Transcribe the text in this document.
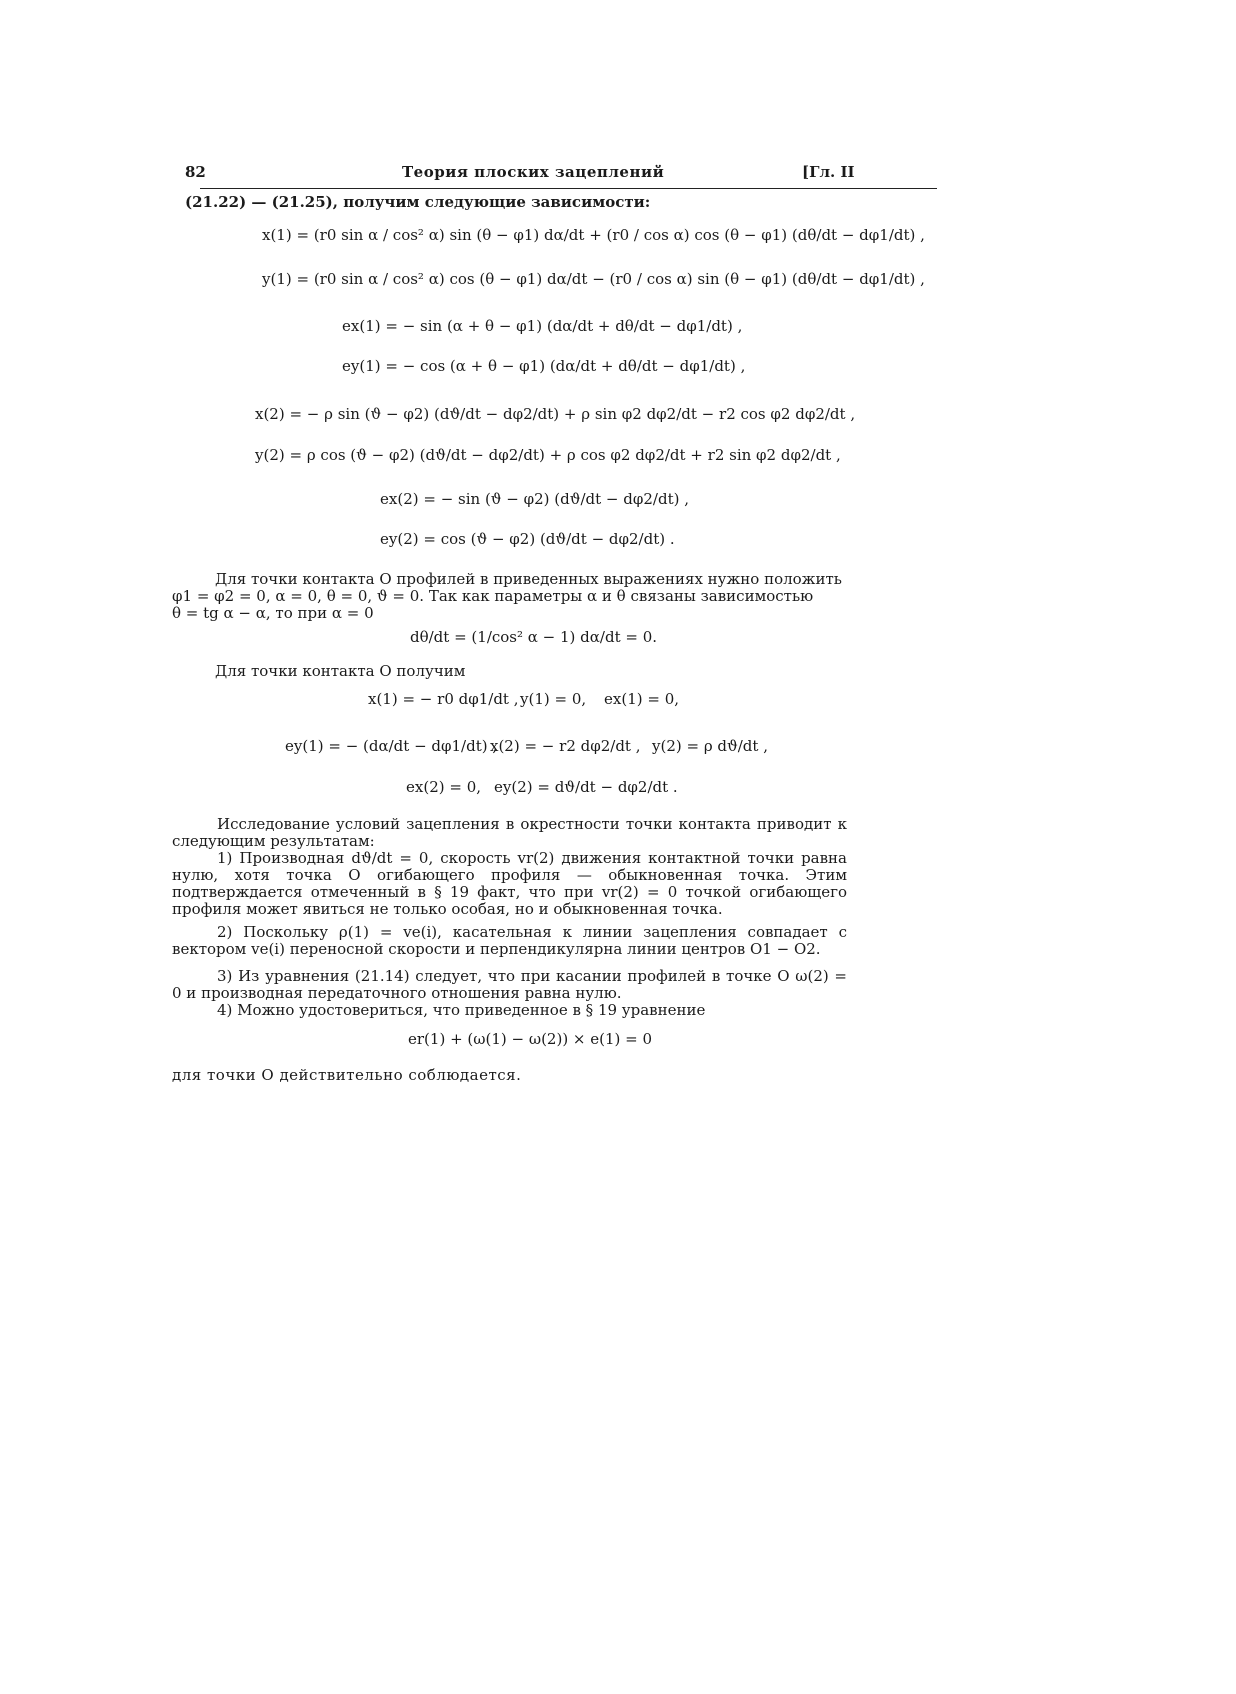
82	Теория плоских зацеплений	[Гл. II
(21.22) — (21.25), получим следующие зависимости:
x(1) = (r0 sin α / cos² α) sin (θ − φ1) dα/dt + (r0 / cos α) cos (θ − φ1) (dθ/dt − dφ1/dt) ,
y(1) = (r0 sin α / cos² α) cos (θ − φ1) dα/dt − (r0 / cos α) sin (θ − φ1) (dθ/dt − dφ1/dt) ,
ex(1) = − sin (α + θ − φ1) (dα/dt + dθ/dt − dφ1/dt) ,
ey(1) = − cos (α + θ − φ1) (dα/dt + dθ/dt − dφ1/dt) ,
x(2) = − ρ sin (ϑ − φ2) (dϑ/dt − dφ2/dt) + ρ sin φ2 dφ2/dt − r2 cos φ2 dφ2/dt ,
y(2) = ρ cos (ϑ − φ2) (dϑ/dt − dφ2/dt) + ρ cos φ2 dφ2/dt + r2 sin φ2 dφ2/dt ,
ex(2) = − sin (ϑ − φ2) (dϑ/dt − dφ2/dt) ,
ey(2) = cos (ϑ − φ2) (dϑ/dt − dφ2/dt) .
Для точки контакта O профилей в приведенных выражениях нужно положить
φ1 = φ2 = 0, α = 0, θ = 0, ϑ = 0. Так как параметры α и θ связаны зависимостью
θ = tg α − α, то при α = 0
dθ/dt = (1/cos² α − 1) dα/dt = 0.
Для точки контакта O получим
x(1) = − r0 dφ1/dt , y(1) = 0, ex(1) = 0,
ey(1) = − (dα/dt − dφ1/dt) ,
x(2) = − r2 dφ2/dt , y(2) = ρ dϑ/dt ,
ex(2) = 0, ey(2) = dϑ/dt − dφ2/dt .
Исследование условий зацепления в окрестности точки контакта приводит к следующим результатам:
1) Производная dϑ/dt = 0, скорость vr(2) движения контактной точки равна нулю, хотя точка O огибающего профиля — обыкновенная точка. Этим подтверждается отмеченный в § 19 факт, что при vr(2) = 0 точкой огибающего профиля может явиться не только особая, но и обыкновенная точка.
2) Поскольку ρ(1) = ve(i), касательная к линии зацепления совпадает с вектором ve(i) переносной скорости и перпендикулярна линии центров O1 − O2.
3) Из уравнения (21.14) следует, что при касании профилей в точке O ω(2) = 0 и производная передаточного отношения равна нулю.
4) Можно удостовериться, что приведенное в § 19 уравнение
er(1) + (ω(1) − ω(2)) × e(1) = 0
для точки O действительно соблюдается.
